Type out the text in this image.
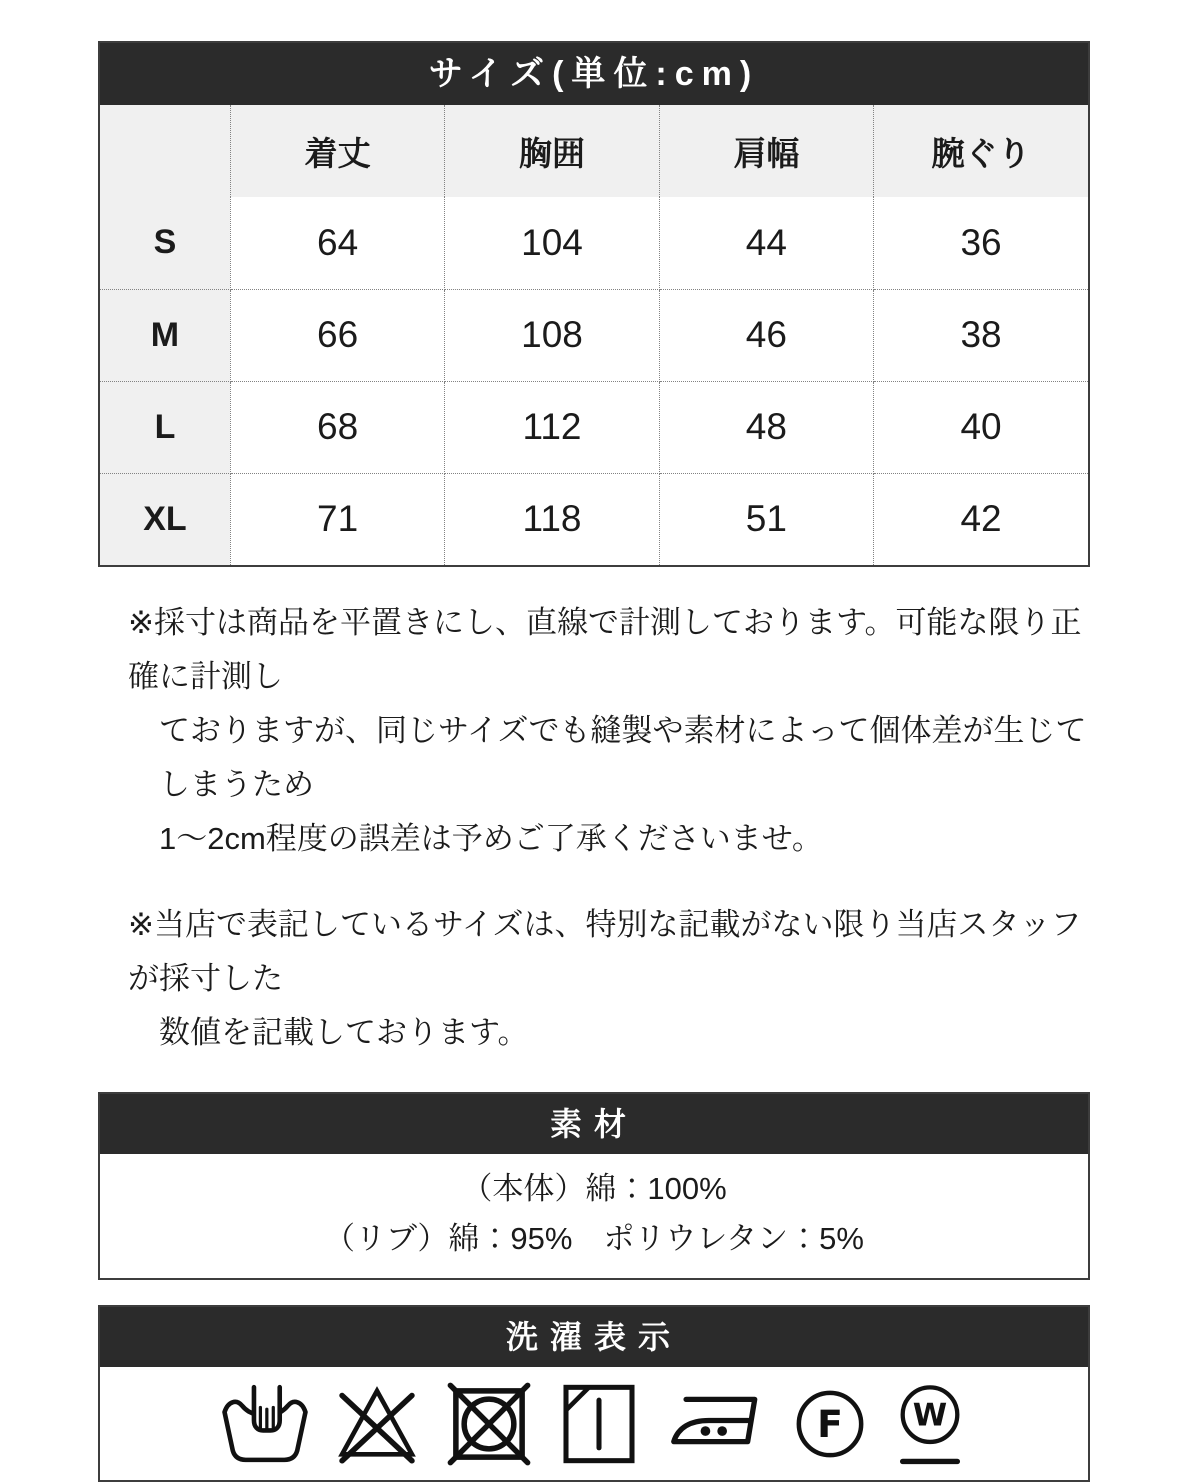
サイズ(単位:cm)
	着丈	胸囲	肩幅	腕ぐり
S	64	104	44	36
M	66	108	46	38
L	68	112	48	40
XL	71	118	51	42
※採寸は商品を平置きにし、直線で計測しております。可能な限り正確に計測し
ておりますが、同じサイズでも縫製や素材によって個体差が生じてしまうため
1〜2cm程度の誤差は予めご了承くださいませ。
※当店で表記しているサイズは、特別な記載がない限り当店スタッフが採寸した
数値を記載しております。
素材
（本体）綿：100%
（リブ）綿：95%　ポリウレタン：5%
洗濯表示
F W
